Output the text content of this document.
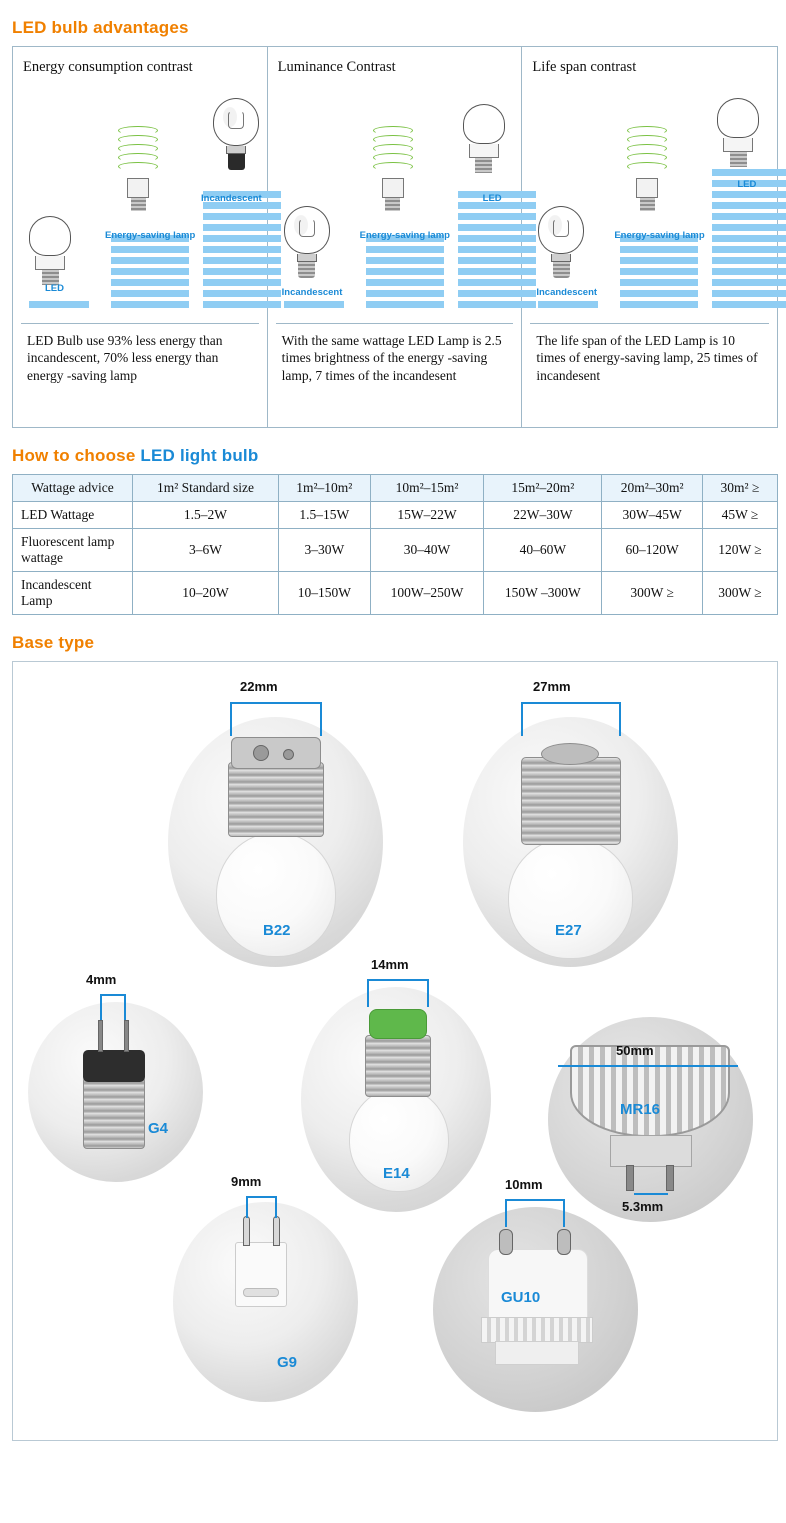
LED bulb advantages
Energy consumption contrast
LED
Energy-saving lamp
Incandescent
LED Bulb use 93% less energy than incandescent, 70% less energy than energy -saving lamp
Luminance Contrast
Incandescent
Energy-saving lamp
LED
With the same wattage LED Lamp is 2.5 times brightness of the energy -saving lamp, 7 times of the incandesent
Life span contrast
Incandescent
Energy-saving lamp
LED
The life span of the LED Lamp is 10 times of energy-saving lamp, 25 times of incandesent
How to choose LED light bulb
Wattage advice	1m² Standard size	1m²–10m²	10m²–15m²	15m²–20m²	20m²–30m²	30m² ≥
LED Wattage	1.5–2W	1.5–15W	15W–22W	22W–30W	30W–45W	45W ≥
Fluorescent lamp wattage	3–6W	3–30W	30–40W	40–60W	60–120W	120W ≥
Incandescent Lamp	10–20W	10–150W	100W–250W	150W –300W	300W ≥	300W ≥
Base type
B22
22mm
E27
27mm
G4
4mm
E14
14mm
MR16
50mm
5.3mm
G9
9mm
GU10
10mm
